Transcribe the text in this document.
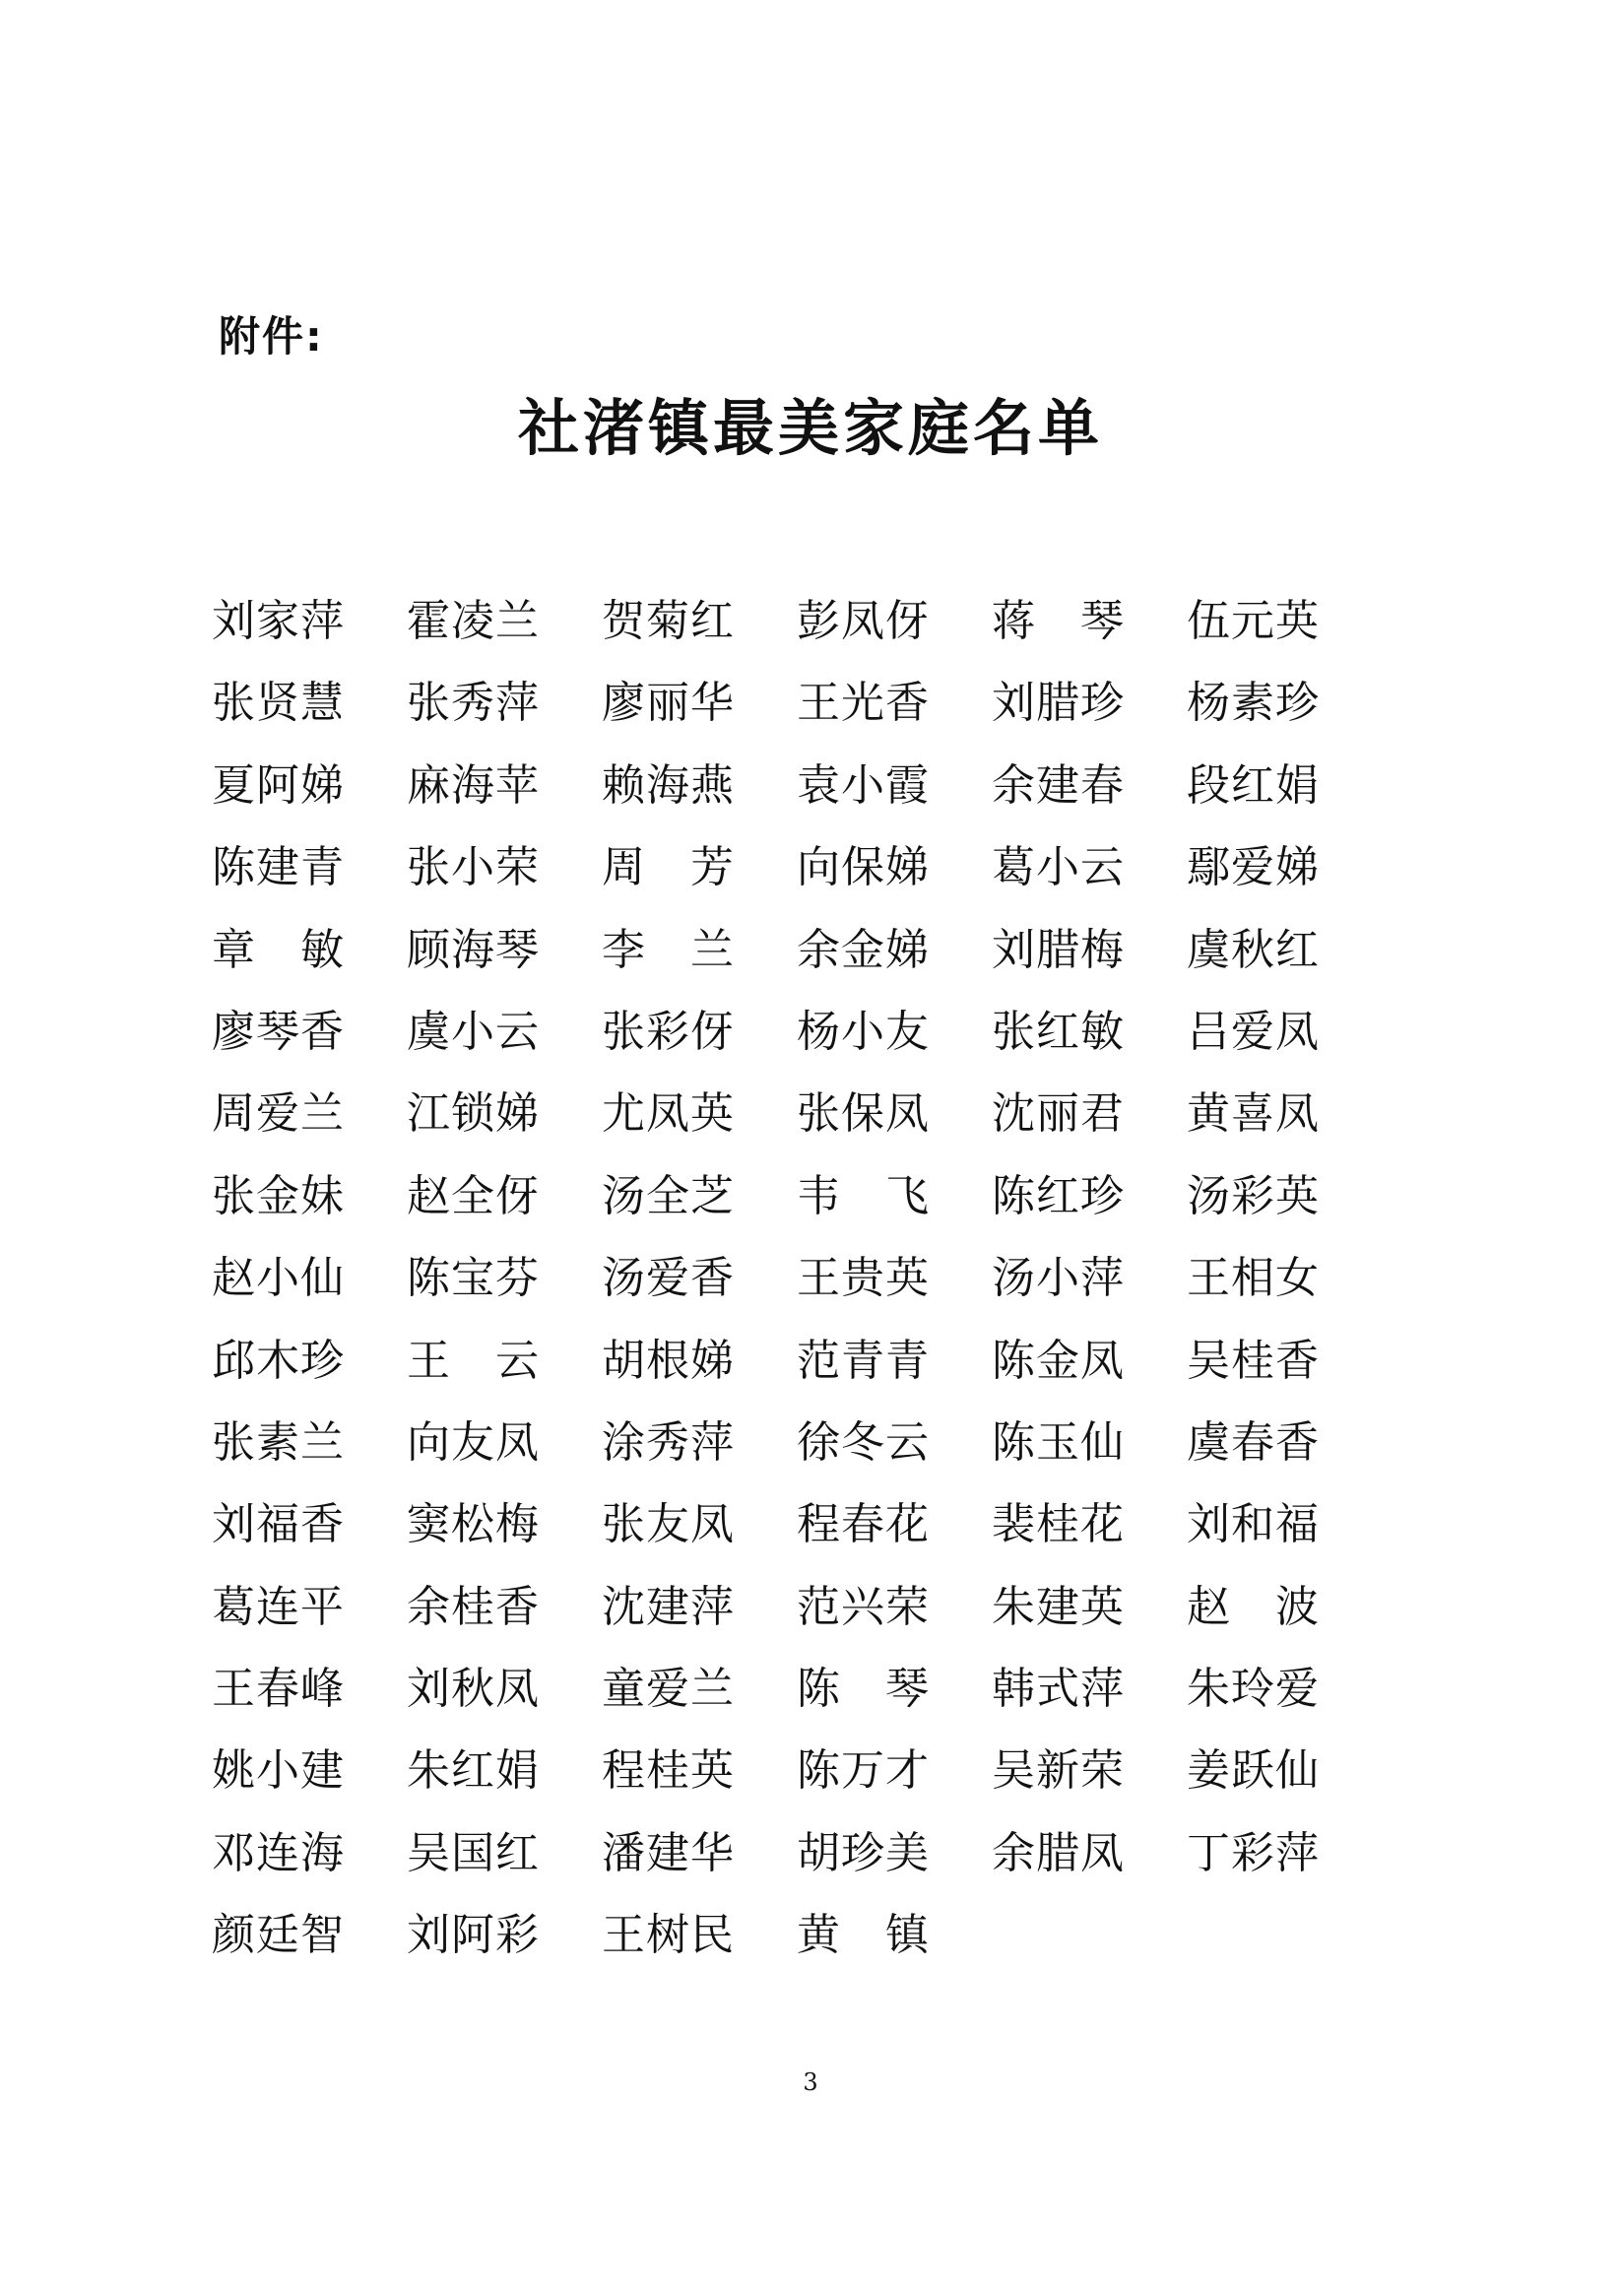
附件:
社渚镇最美家庭名单
刘家萍	霍凌兰	贺菊红	彭凤伢	蒋　琴	伍元英
张贤慧	张秀萍	廖丽华	王光香	刘腊珍	杨素珍
夏阿娣	麻海苹	赖海燕	袁小霞	余建春	段红娟
陈建青	张小荣	周　芳	向保娣	葛小云	鄢爱娣
章　敏	顾海琴	李　兰	余金娣	刘腊梅	虞秋红
廖琴香	虞小云	张彩伢	杨小友	张红敏	吕爱凤
周爱兰	江锁娣	尤凤英	张保凤	沈丽君	黄喜凤
张金妹	赵全伢	汤全芝	韦　飞	陈红珍	汤彩英
赵小仙	陈宝芬	汤爱香	王贵英	汤小萍	王相女
邱木珍	王　云	胡根娣	范青青	陈金凤	吴桂香
张素兰	向友凤	涂秀萍	徐冬云	陈玉仙	虞春香
刘福香	窦松梅	张友凤	程春花	裴桂花	刘和福
葛连平	余桂香	沈建萍	范兴荣	朱建英	赵　波
王春峰	刘秋凤	童爱兰	陈　琴	韩式萍	朱玲爱
姚小建	朱红娟	程桂英	陈万才	吴新荣	姜跃仙
邓连海	吴国红	潘建华	胡珍美	余腊凤	丁彩萍
颜廷智	刘阿彩	王树民	黄　镇
3
